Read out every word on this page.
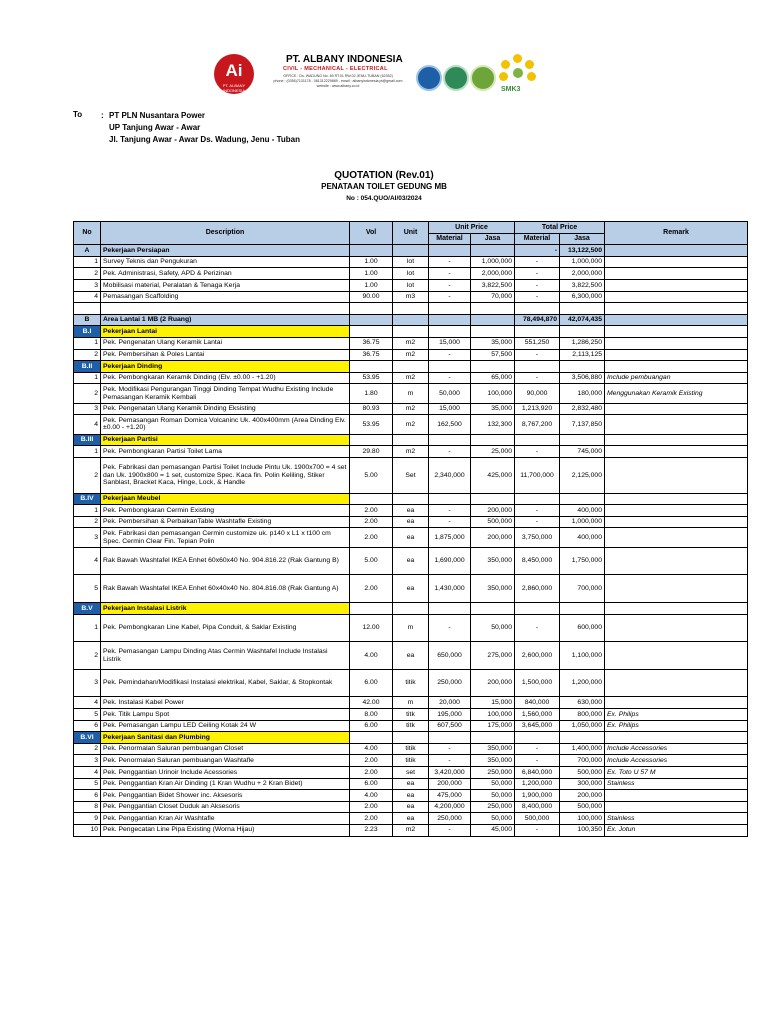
Ai
PT. ALBANY INDONESIA
PT. ALBANY INDONESIA
CIVIL - MECHANICAL - ELECTRICAL
OFFICE : Ds. WADUNG No. 89 RT.01 RW.02 JENU-TUBAN (62352)
phone : (0356)7131178 - 081312229889 - email : albanyindonesia.pt@gmail.com
website : www.albany.co.id	SMK3
To : PT PLN Nusantara Power
UP Tanjung Awar - Awar
Jl. Tanjung Awar - Awar Ds. Wadung, Jenu - Tuban
QUOTATION (Rev.01)
PENATAAN TOILET GEDUNG MB
No : 054.QUO/AI/03/2024
No	Description	Vol	Unit	Unit Price		Total Price		Remark
				Material	Jasa	Material	Jasa	
A	Pekerjaan Persiapan					-	13,122,500	
1	Survey Teknis dan Pengukuran	1.00	lot	-	1,000,000	-	1,000,000	
2	Pek. Administrasi, Safety, APD & Perizinan	1.00	lot	-	2,000,000	-	2,000,000	
3	Mobilisasi material, Peralatan & Tenaga Kerja	1.00	lot	-	3,822,500	-	3,822,500	
4	Pemasangan Scaffolding	90.00	m3	-	70,000	-	6,300,000	

B	Area Lantai 1 MB (2 Ruang)					78,494,870	42,074,435	
B.I	Pekerjaan Lantai							
1	Pek. Pengenatan Ulang Keramik Lantai	36.75	m2	15,000	35,000	551,250	1,286,250	
2	Pek. Pembersihan & Poles Lantai	36.75	m2	-	57,500	-	2,113,125	
B.II	Pekerjaan Dinding							
1	Pek. Pembongkaran Keramik Dinding (Elv. ±0.00 - +1.20)	53.95	m2	-	65,000	-	3,506,880	Include pembuangan
2	Pek. Modifikasi Pengurangan Tinggi Dinding Tempat Wudhu Existing Include Pemasangan Keramik Kembali	1.80	m	50,000	100,000	90,000	180,000	Menggunakan Keramik Existing
3	Pek. Pengenatan Ulang Keramik Dinding Eksisting	80.93	m2	15,000	35,000	1,213,920	2,832,480	
4	Pek. Pemasangan Roman Domica Volcaninc Uk. 400x400mm (Area Dinding Elv. ±0.00 - +1.20)	53.95	m2	162,500	132,300	8,767,200	7,137,850	
B.III	Pekerjaan Partisi							
1	Pek. Pembongkaran Partisi Toilet Lama	29.80	m2	-	25,000	-	745,000	
2	Pek. Fabrikasi dan pemasangan Partisi Toilet Include Pintu Uk. 1900x700 = 4 set dan Uk. 1900x800 = 1 set, customize Spec. Kaca fin. Polin Keliling, Stiker Sanblast, Bracket Kaca, Hinge, Lock, & Handle	5.00	Set	2,340,000	425,000	11,700,000	2,125,000	
B.IV	Pekerjaan Meubel							
1	Pek. Pembongkaran Cermin Existing	2.00	ea	-	200,000	-	400,000	
2	Pek. Pembersihan & PerbaikanTable Washtafle Existing	2.00	ea	-	500,000	-	1,000,000	
3	Pek. Fabrikasi dan pemasangan Cermin customize uk. p140 x L1 x t100 cm Spec. Cermin Clear Fin. Tepian Polin	2.00	ea	1,875,000	200,000	3,750,000	400,000	
4	Rak Bawah Washtafel IKEA Enhet 60x60x40 No. 904.816.22 (Rak Gantung B)	5.00	ea	1,690,000	350,000	8,450,000	1,750,000	
5	Rak Bawah Washtafel IKEA Enhet 60x40x40 No. 804.816.08 (Rak Gantung A)	2.00	ea	1,430,000	350,000	2,860,000	700,000	
B.V	Pekerjaan Instalasi Listrik							
1	Pek. Pembongkaran Line Kabel, Pipa Conduit, & Saklar Existing	12.00	m	-	50,000	-	600,000	
2	Pek. Pemasangan Lampu Dinding Atas Cermin Washtafel Include Instalasi Listrik	4.00	ea	650,000	275,000	2,600,000	1,100,000	
3	Pek. Pemindahan/Modifikasi Instalasi elektrikal, Kabel, Saklar, & Stopkontak	6.00	titik	250,000	200,000	1,500,000	1,200,000	
4	Pek. Instalasi Kabel Power	42.00	m	20,000	15,000	840,000	630,000	
5	Pek. Titik Lampu Spot	8.00	titk	195,000	100,000	1,560,000	800,000	Ex. Philips
6	Pek. Pemasangan Lampu LED Ceiling Kotak 24 W	6.00	titk	607,500	175,000	3,645,000	1,050,000	Ex. Philips
B.VI	Pekerjaan Sanitasi dan Plumbing							
2	Pek. Penormalan Saluran pembuangan Closet	4.00	titik	-	350,000	-	1,400,000	Include Accessories
3	Pek. Penormalan Saluran pembuangan Washtafle	2.00	titik	-	350,000	-	700,000	Include Accessories
4	Pek. Penggantian Urinoir Include Acessories	2.00	set	3,420,000	250,000	6,840,000	500,000	Ex. Toto U 57 M
5	Pek. Penggantian Kran Air Dinding (1 Kran Wudhu + 2 Kran Bidet)	6.00	ea	200,000	50,000	1,200,000	300,000	Stainless
6	Pek. Penggantian Bidet Shower inc. Aksesoris	4.00	ea	475,000	50,000	1,900,000	200,000	
8	Pek. Penggantian Closet Duduk an Aksesoris	2.00	ea	4,200,000	250,000	8,400,000	500,000	
9	Pek. Penggantian Kran Air Washtafle	2.00	ea	250,000	50,000	500,000	100,000	Stainless
10	Pek. Pengecatan Line Pipa Existing (Worna Hijau)	2.23	m2	-	45,000	-	100,350	Ex. Jotun
